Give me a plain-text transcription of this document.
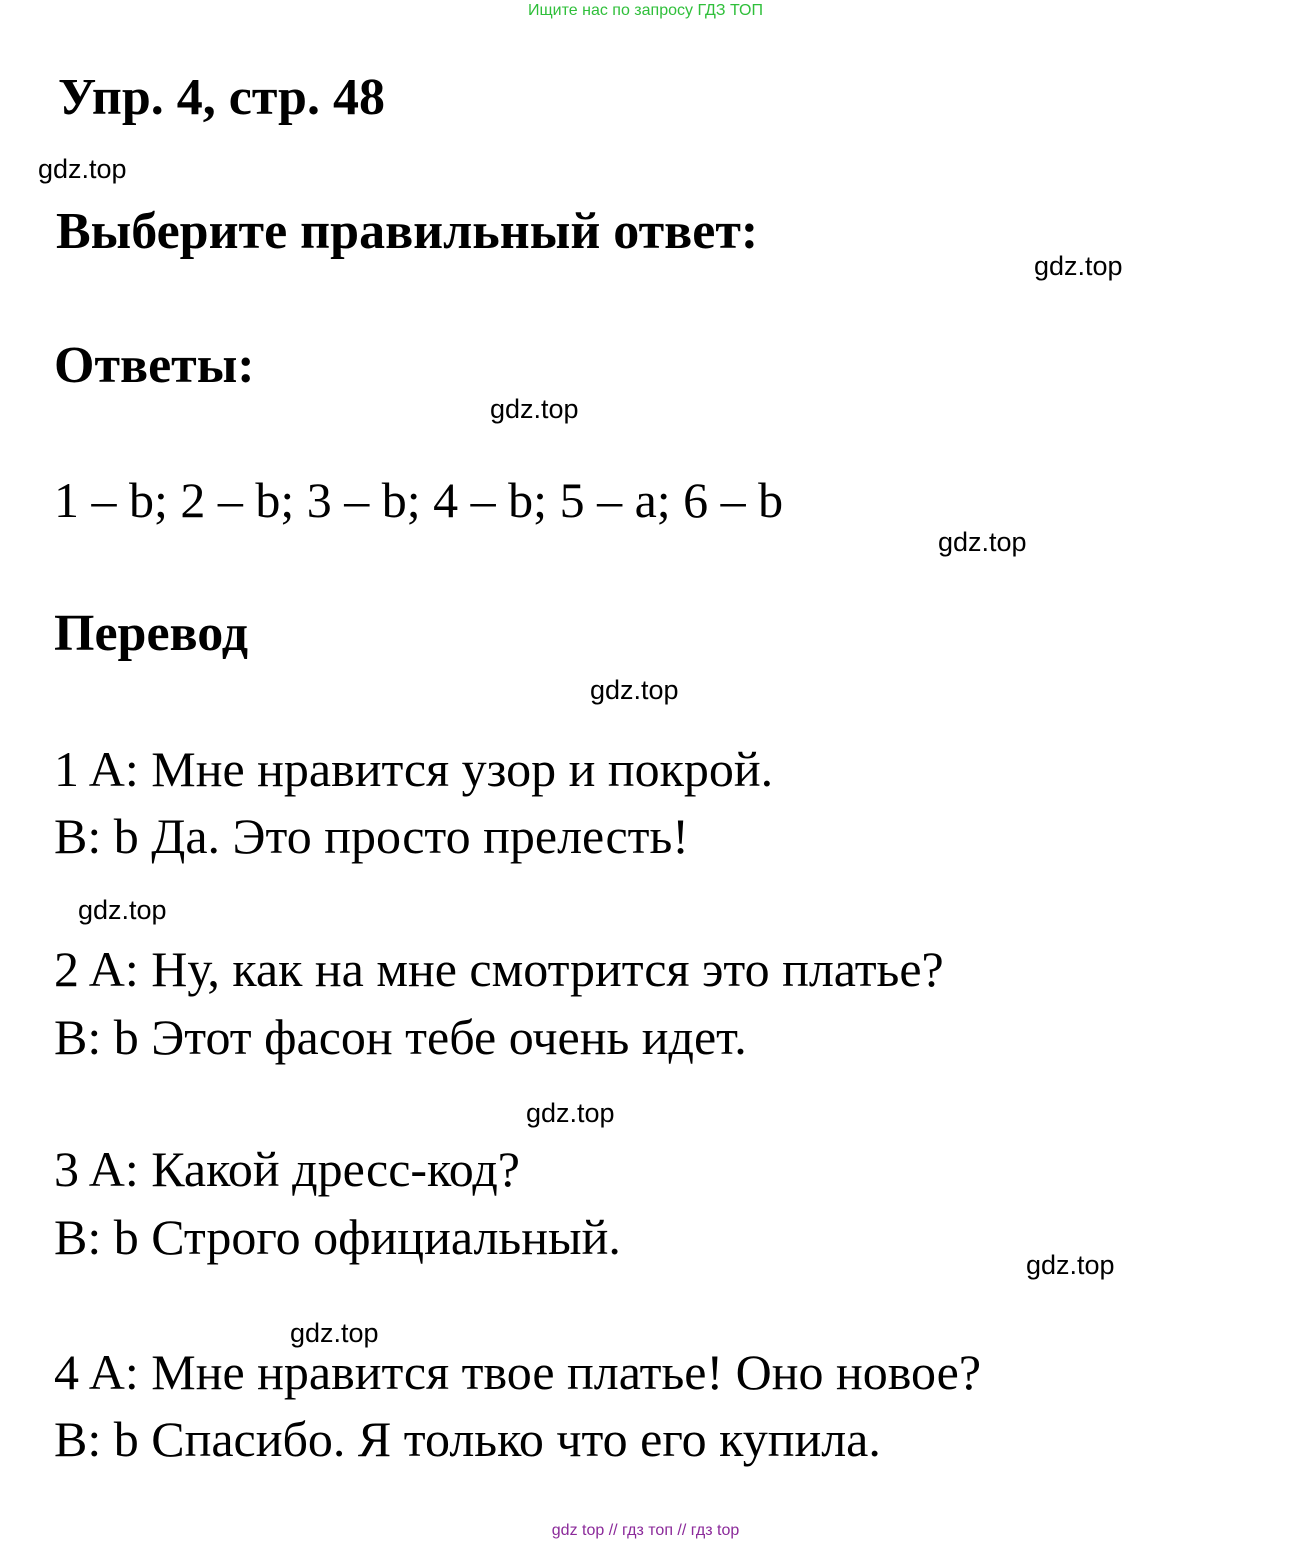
Ищите нас по запросу ГДЗ ТОП
Упр. 4, стр. 48
gdz.top
Выберите правильный ответ:
gdz.top
Ответы:
gdz.top
1 – b; 2 – b; 3 – b; 4 – b; 5 – a; 6 – b
gdz.top
Перевод
gdz.top
1 A: Мне нравится узор и покрой.
B: b Да. Это просто прелесть!
gdz.top
2 A: Ну, как на мне смотрится это платье?
B: b Этот фасон тебе очень идет.
gdz.top
3 A: Какой дресс-код?
B: b Строго официальный.	gdz.top
gdz.top
4 A: Мне нравится твое платье! Оно новое?
B: b Спасибо. Я только что его купила.
gdz top // гдз топ // гдз top
